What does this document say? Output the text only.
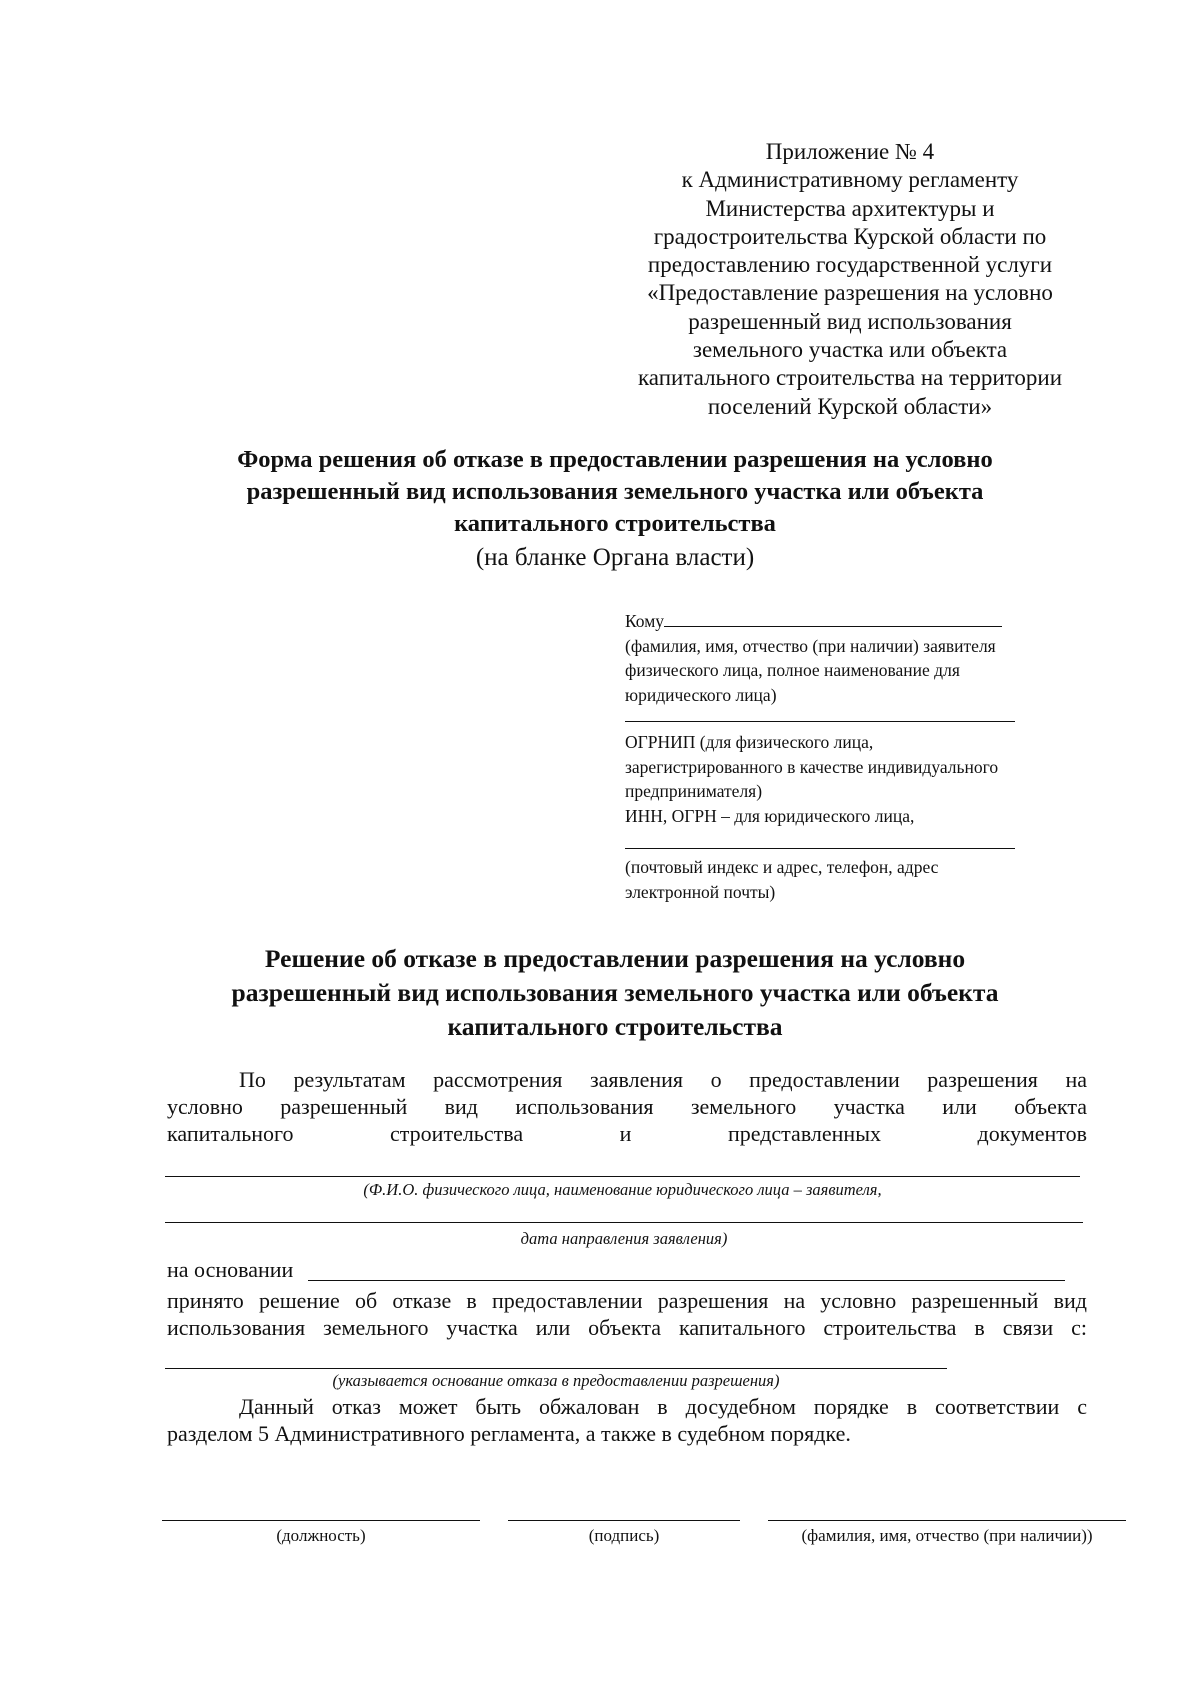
Приложение № 4
к Административному регламенту
Министерства архитектуры и
градостроительства Курской области по
предоставлению государственной услуги
«Предоставление разрешения на условно
разрешенный вид использования
земельного участка или объекта
капитального строительства на территории
поселений Курской области»
Форма решения об отказе в предоставлении разрешения на условно
разрешенный вид использования земельного участка или объекта
капитального строительства
(на бланке Органа власти)
Кому
(фамилия, имя, отчество (при наличии) заявителя
физического лица, полное наименование для
юридического лица)
ОГРНИП (для физического лица,
зарегистрированного в качестве индивидуального
предпринимателя)
ИНН, ОГРН – для юридического лица,
(почтовый индекс и адрес, телефон, адрес
электронной почты)
Решение об отказе в предоставлении разрешения на условно
разрешенный вид использования земельного участка или объекта
капитального строительства
По результатам рассмотрения заявления о предоставлении разрешения на
условно разрешенный вид использования земельного участка или объекта
капитального строительства и представленных документов
(Ф.И.О. физического лица, наименование юридического лица – заявителя,
дата направления заявления)
на основании
принято решение об отказе в предоставлении разрешения на условно разрешенный вид
использования земельного участка или объекта капитального строительства в связи с:
(указывается основание отказа в предоставлении разрешения)
Данный отказ может быть обжалован в досудебном порядке в соответствии с
разделом 5 Административного регламента, а также в судебном порядке.
(должность)	(подпись)	(фамилия, имя, отчество (при наличии))
